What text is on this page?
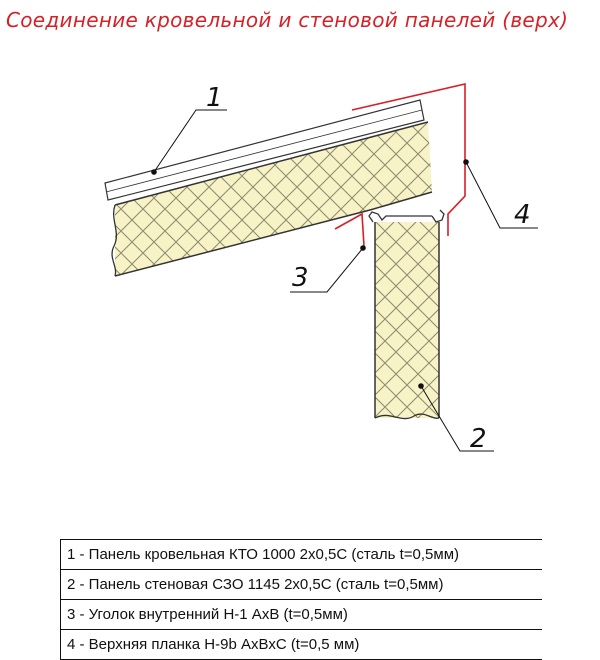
Соединение кровельной и стеновой панелей (верх)
1
2
3
4
1 - Панель кровельная КТО 1000 2х0,5С (сталь t=0,5мм)
2 - Панель стеновая СЗО 1145 2х0,5С (сталь t=0,5мм)
3 - Уголок внутренний Н-1 АхВ (t=0,5мм)
4 - Верхняя планка Н-9b АхВхС (t=0,5 мм)
